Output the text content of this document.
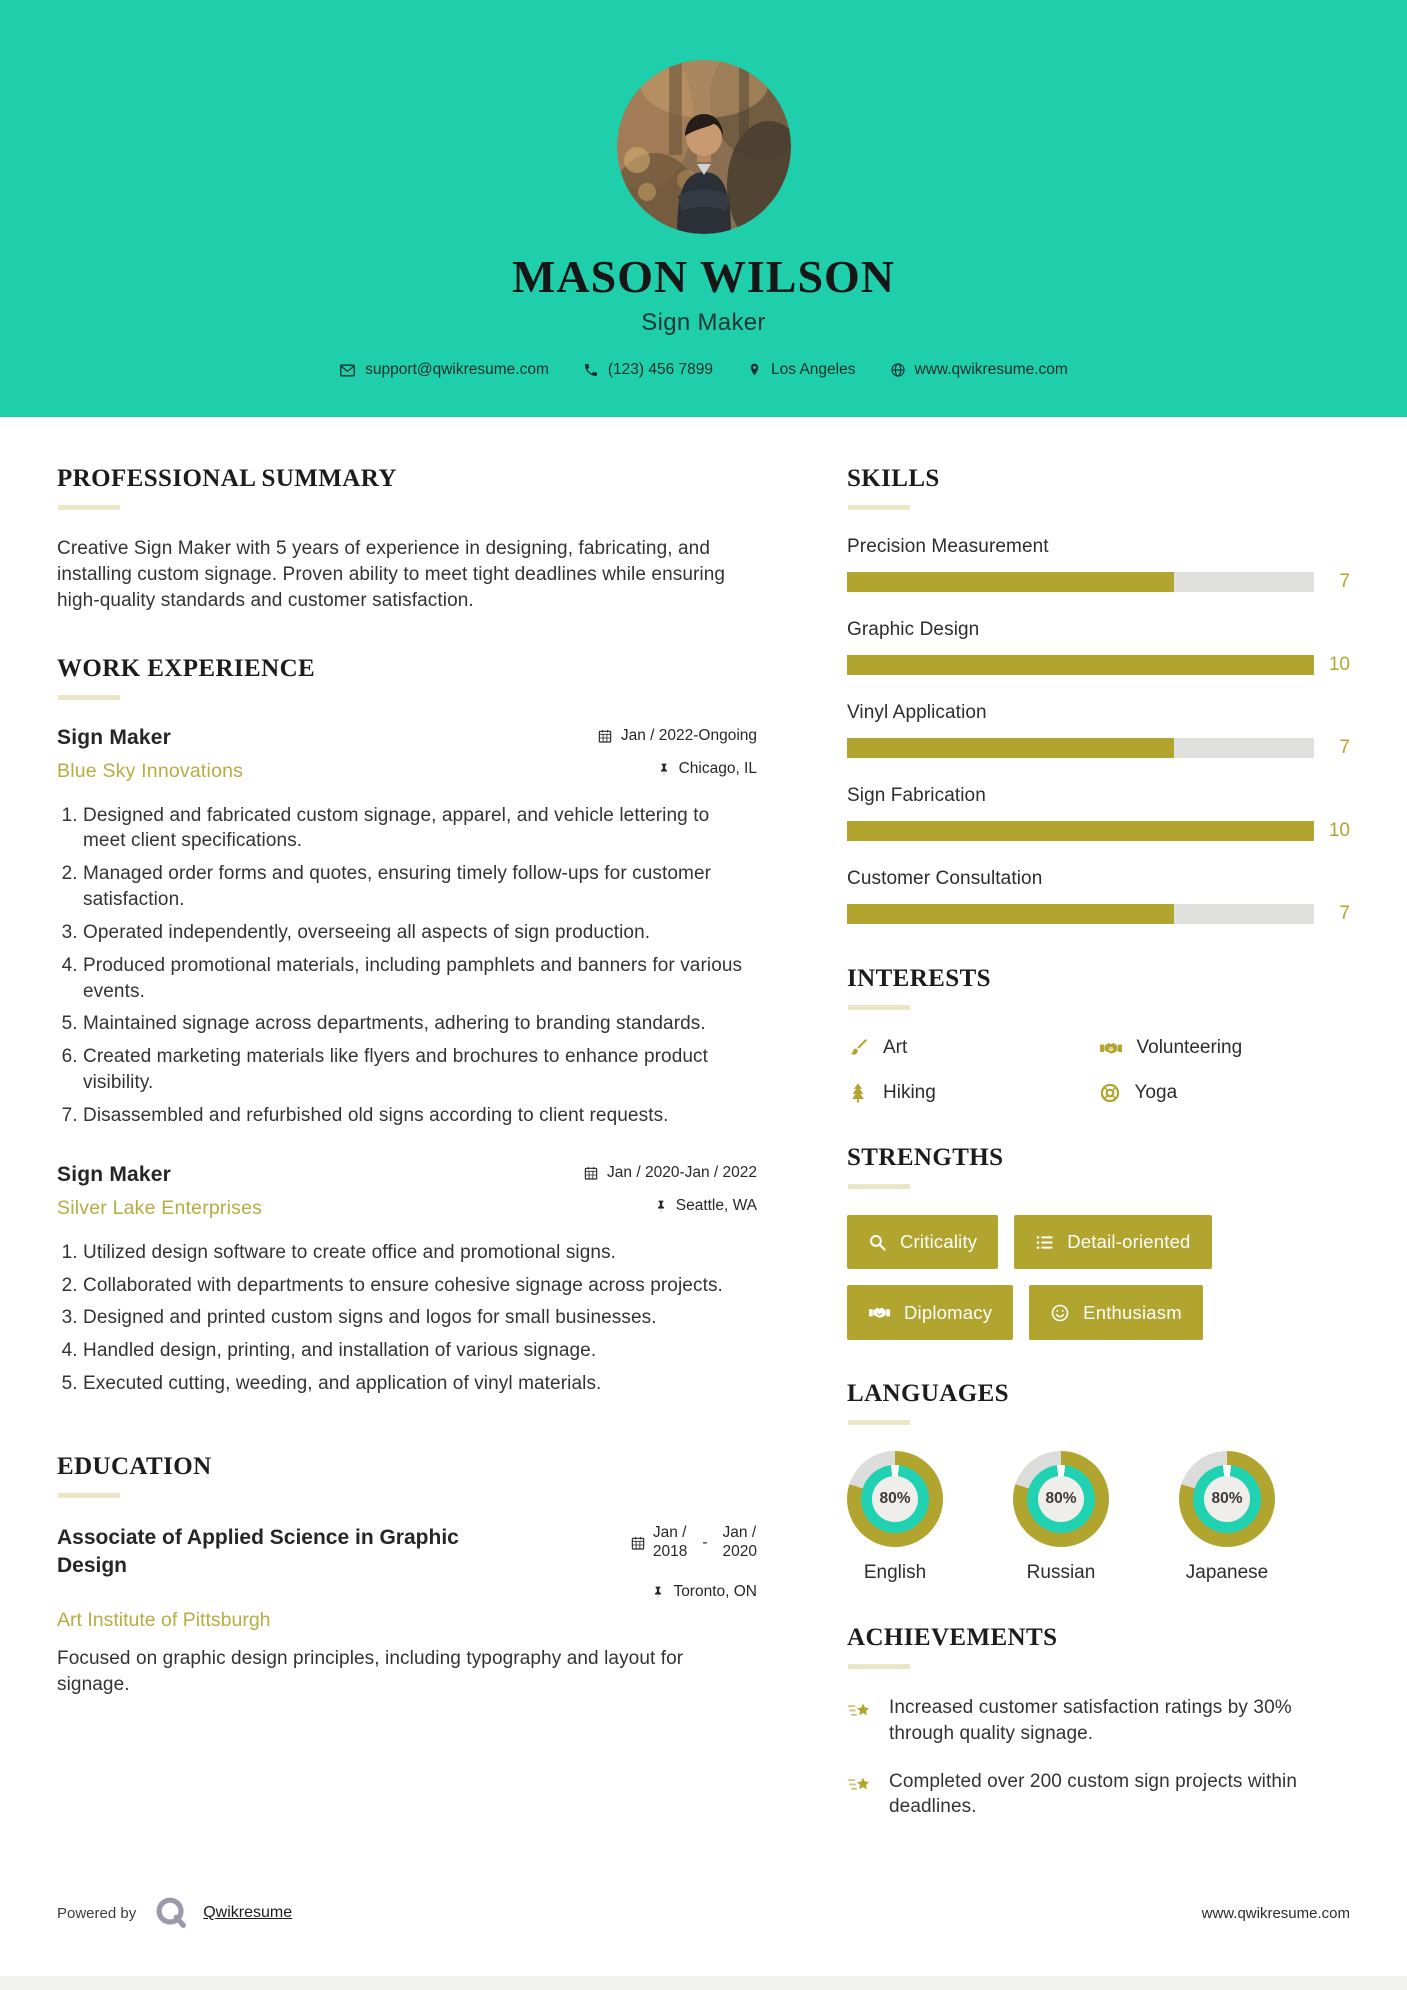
MASON WILSON
Sign Maker
support@qwikresume.com	(123) 456 7899	Los Angeles	www.qwikresume.com
PROFESSIONAL SUMMARY

Creative Sign Maker with 5 years of experience in designing, fabricating, and installing custom signage. Proven ability to meet tight deadlines while ensuring high-quality standards and customer satisfaction.

WORK EXPERIENCE
Sign Maker	Jan / 2022-Ongoing
Blue Sky Innovations	Chicago, IL
1. Designed and fabricated custom signage, apparel, and vehicle lettering to meet client specifications.
2. Managed order forms and quotes, ensuring timely follow-ups for customer satisfaction.
3. Operated independently, overseeing all aspects of sign production.
4. Produced promotional materials, including pamphlets and banners for various events.
5. Maintained signage across departments, adhering to branding standards.
6. Created marketing materials like flyers and brochures to enhance product visibility.
7. Disassembled and refurbished old signs according to client requests.
Sign Maker	Jan / 2020-Jan / 2022
Silver Lake Enterprises	Seattle, WA
1. Utilized design software to create office and promotional signs.
2. Collaborated with departments to ensure cohesive signage across projects.
3. Designed and printed custom signs and logos for small businesses.
4. Handled design, printing, and installation of various signage.
5. Executed cutting, weeding, and application of vinyl materials.
EDUCATION
Associate of Applied Science in Graphic Design
Jan /
2018
-
Jan /
2020
Toronto, ON
Art Institute of Pittsburgh

Focused on graphic design principles, including typography and layout for signage.

SKILLS
Precision Measurement
7
Graphic Design
10
Vinyl Application
7
Sign Fabrication
10
Customer Consultation
7
INTERESTS
Art	Volunteering
Hiking	Yoga
STRENGTHS
Criticality	Detail-oriented
Diplomacy	Enthusiasm
LANGUAGES
80%
English
80%
Russian
80%
Japanese
ACHIEVEMENTS
Increased customer satisfaction ratings by 30% through quality signage.
Completed over 200 custom sign projects within deadlines.
Powered by	Qwikresume	www.qwikresume.com
